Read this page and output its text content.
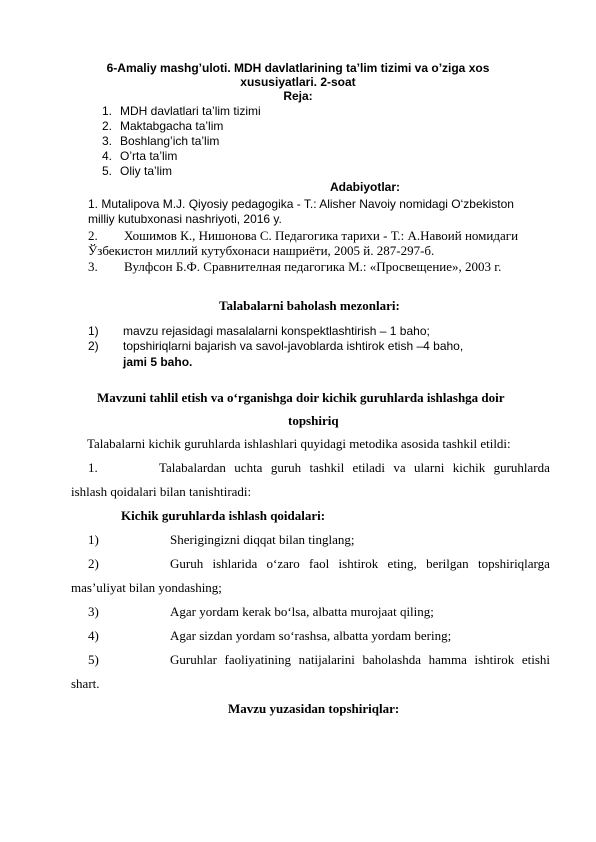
6-Amaliy mashg’uloti. MDH davlatlarining ta’lim tizimi va o’ziga xos
xususiyatlari. 2-soat
Reja:
1. MDH davlatlari ta’lim tizimi
2. Maktabgacha ta’lim
3. Boshlang’ich ta’lim
4. O’rta ta’lim
5. Oliy ta’lim
Adabiyotlar:
1. Mutalipova M.J. Qiyosiy pedagogika - T.: Alisher Navoiy nomidagi O‘zbekiston
milliy kutubxonasi nashriyoti, 2016 y.
2. Хошимов К., Нишонова С. Педагогика тарихи - Т.: А.Навоий номидаги
Ўзбекистон миллий кутубхонаси нашриёти, 2005 й. 287-297-б.
3. Вулфсон Б.Ф. Сравнителная педагогика М.: «Просвещение», 2003 г.
Talabalarni baholash mezonlari:
1) mavzu rejasidagi masalalarni konspektlashtirish – 1 baho;
2) topshiriqlarni bajarish va savol-javoblarda ishtirok etish –4 baho,
jami 5 baho.
Mavzuni tahlil etish va o‘rganishga doir kichik guruhlarda ishlashga doir
topshiriq
Talabalarni kichik guruhlarda ishlashlari quyidagi metodika asosida tashkil etildi:
1.	Talabalardan uchta guruh tashkil etiladi va ularni kichik guruhlarda
ishlash qoidalari bilan tanishtiradi:
Kichik guruhlarda ishlash qoidalari:
1)	Sherigingizni diqqat bilan tinglang;
2)	Guruh ishlarida o‘zaro faol ishtirok eting, berilgan topshiriqlarga
mas’uliyat bilan yondashing;
3)	Agar yordam kerak bo‘lsa, albatta murojaat qiling;
4)	Agar sizdan yordam so‘rashsa, albatta yordam bering;
5)	Guruhlar faoliyatining natijalarini baholashda hamma ishtirok etishi
shart.
Mavzu yuzasidan topshiriqlar:
